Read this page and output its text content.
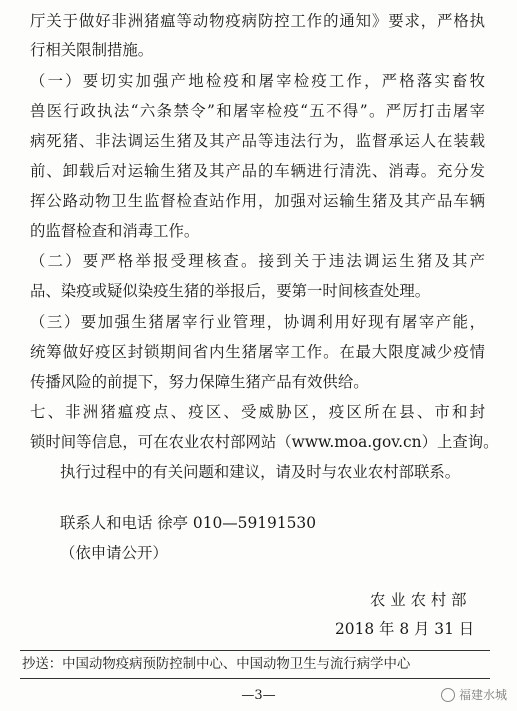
厅关于做好非洲猪瘟等动物疫病防控工作的通知》要求，严格执
行相关限制措施。
（一）要切实加强产地检疫和屠宰检疫工作，严格落实畜牧
兽医行政执法“六条禁令”和屠宰检疫“五不得”。严厉打击屠宰
病死猪、非法调运生猪及其产品等违法行为，监督承运人在装载
前、卸载后对运输生猪及其产品的车辆进行清洗、消毒。充分发
挥公路动物卫生监督检查站作用，加强对运输生猪及其产品车辆
的监督检查和消毒工作。
（二）要严格举报受理核查。接到关于违法调运生猪及其产
品、染疫或疑似染疫生猪的举报后，要第一时间核查处理。
（三）要加强生猪屠宰行业管理，协调利用好现有屠宰产能，
统筹做好疫区封锁期间省内生猪屠宰工作。在最大限度减少疫情
传播风险的前提下，努力保障生猪产品有效供给。
七、非洲猪瘟疫点、疫区、受威胁区，疫区所在县、市和封
锁时间等信息，可在农业农村部网站（www.moa.gov.cn）上查询。
执行过程中的有关问题和建议，请及时与农业农村部联系。
联系人和电话 徐亭 010—59191530
（依申请公开）
农 业 农 村 部
2018 年 8 月 31 日
抄送：中国动物疫病预防控制中心、中国动物卫生与流行病学中心
—3—	福建水城
